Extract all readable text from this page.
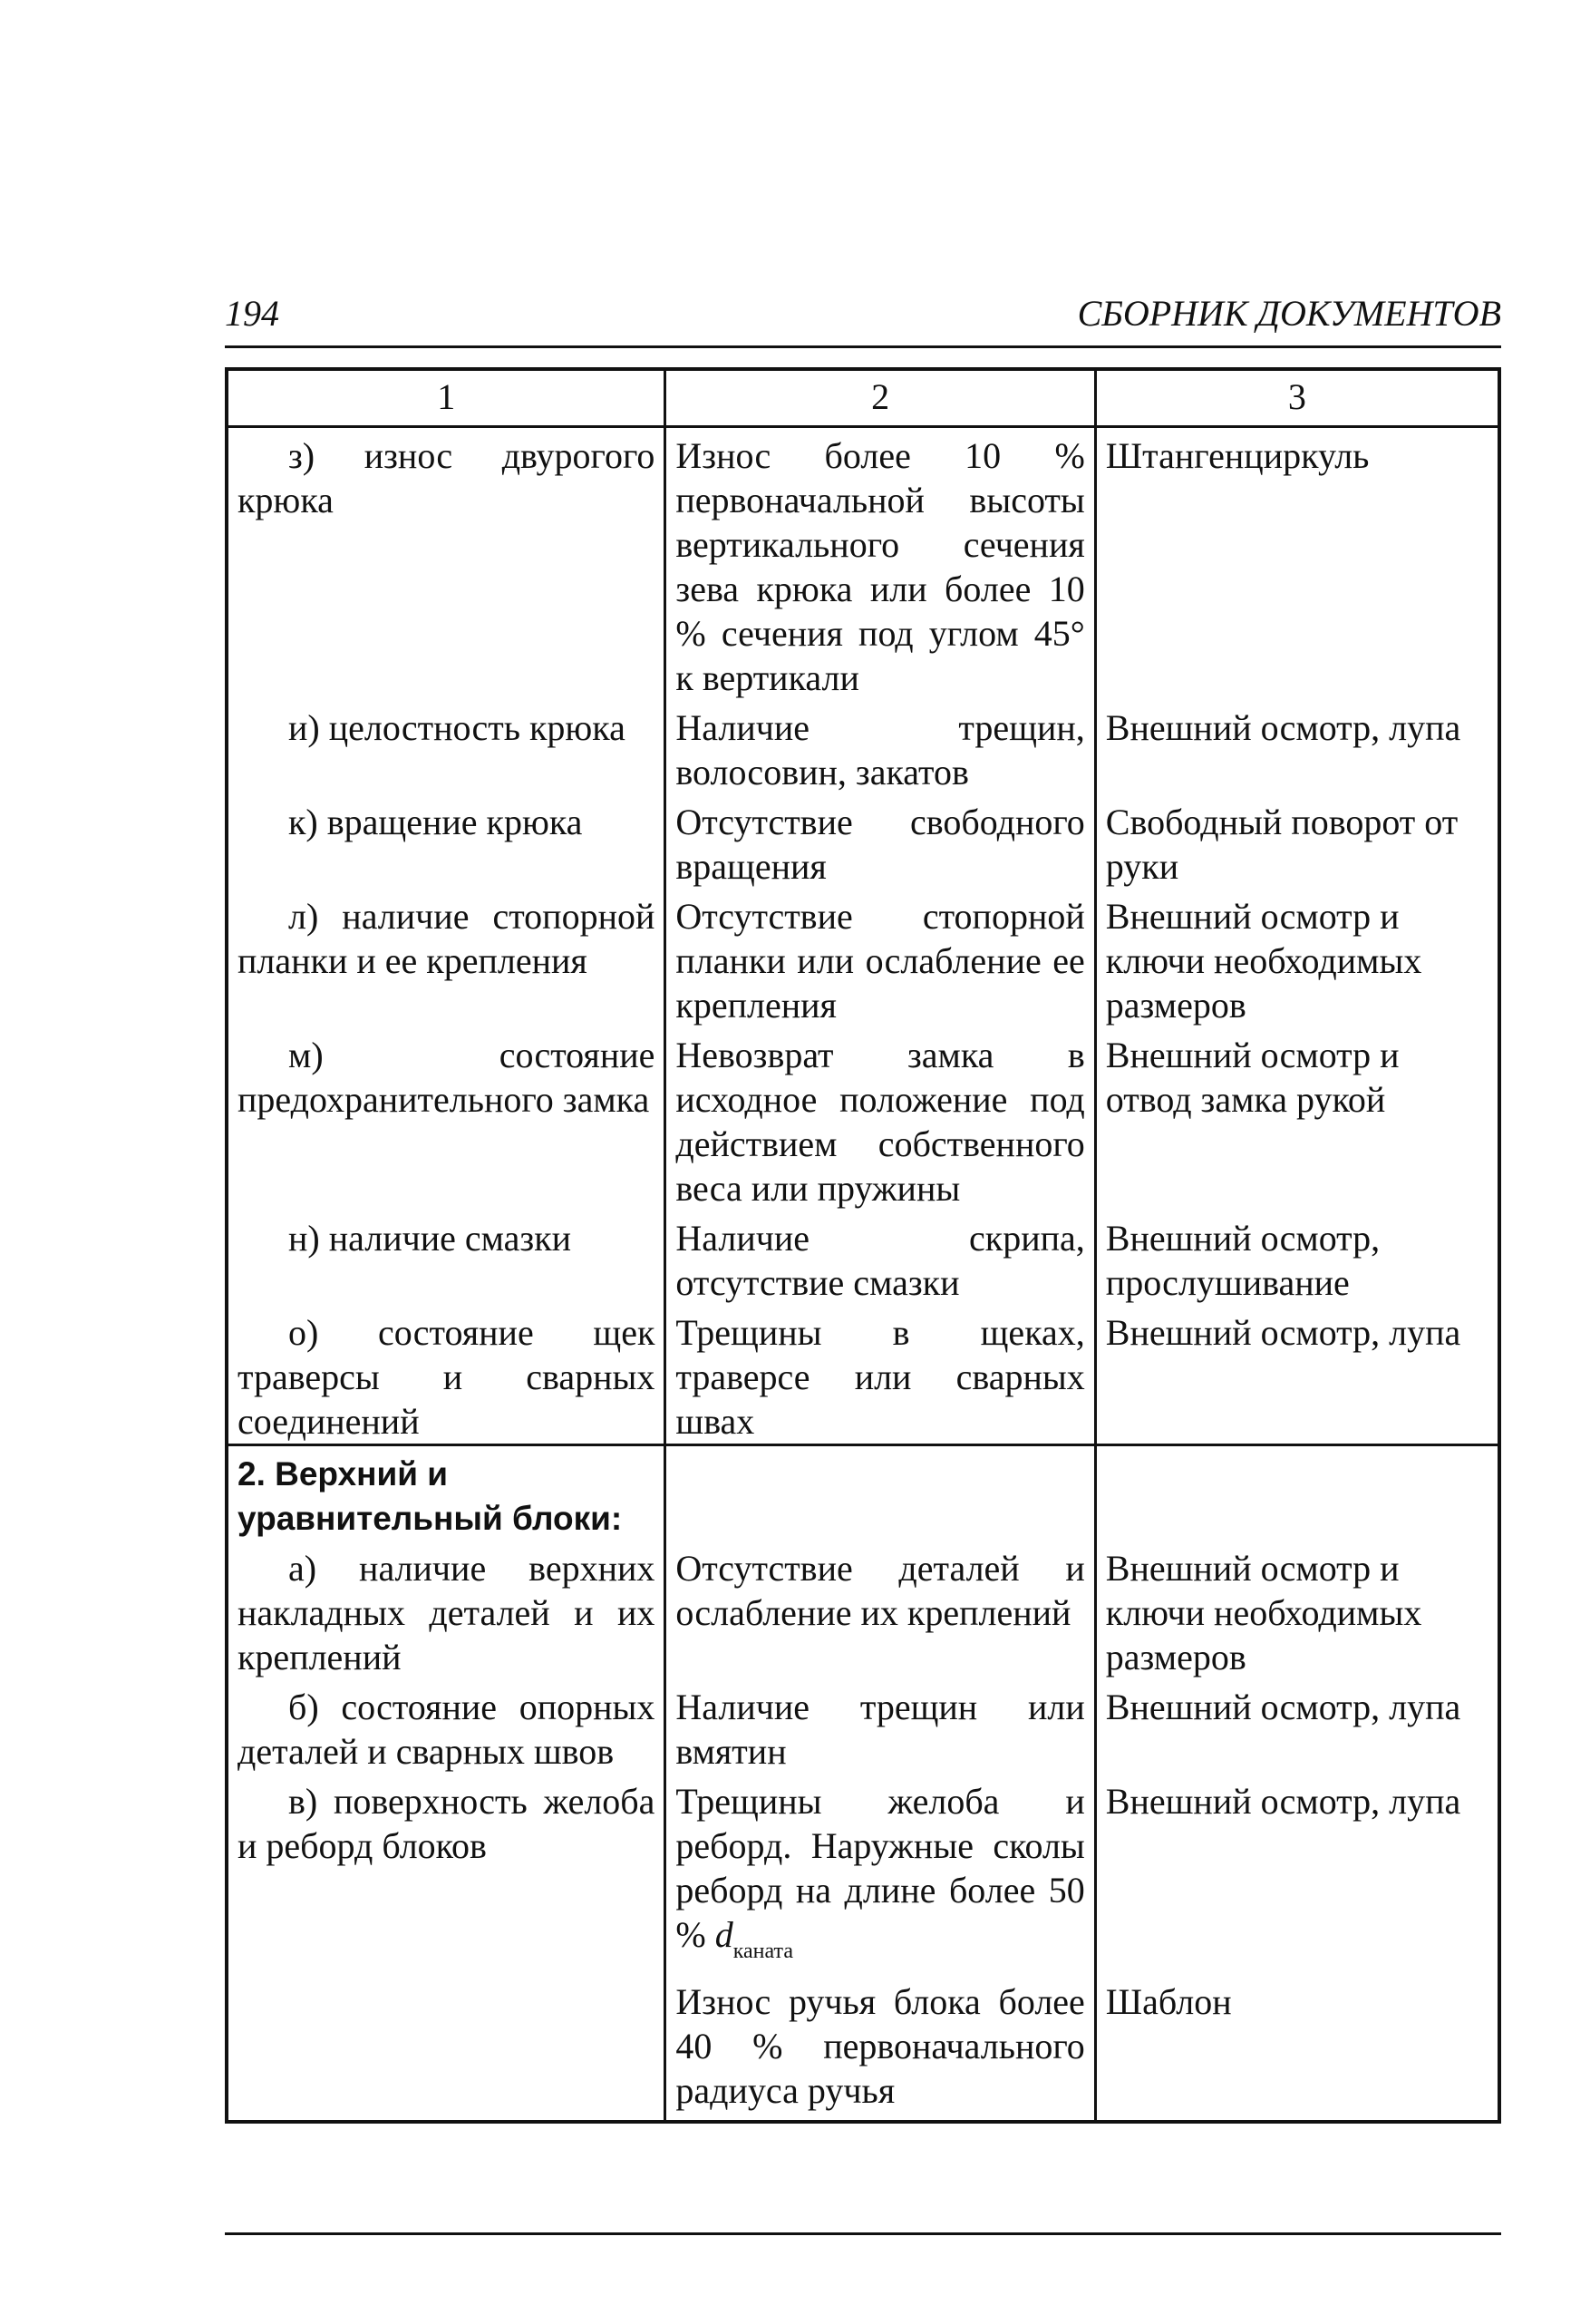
194	СБОРНИК ДОКУМЕНТОВ
1	2	3
з) износ двурогого крюка	Износ более 10 % первоначальной высоты вертикального сечения зева крюка или более 10 % сечения под углом 45° к вертикали	Штангенциркуль
и) целостность крюка	Наличие трещин, волосовин, закатов	Внешний осмотр, лупа
к) вращение крюка	Отсутствие свободного вращения	Свободный поворот от руки
л) наличие стопорной планки и ее крепления	Отсутствие стопорной планки или ослабление ее крепления	Внешний осмотр и ключи необходимых размеров
м) состояние предохранительного замка	Невозврат замка в исходное положение под действием собственного веса или пружины	Внешний осмотр и отвод замка рукой
н) наличие смазки	Наличие скрипа, отсутствие смазки	Внешний осмотр, прослушивание
о) состояние щек траверсы и сварных соединений	Трещины в щеках, траверсе или сварных швах	Внешний осмотр, лупа
2. Верхний и уравнительный блоки:		
а) наличие верхних накладных деталей и их креплений	Отсутствие деталей и ослабление их креплений	Внешний осмотр и ключи необходимых размеров
б) состояние опорных деталей и сварных швов	Наличие трещин или вмятин	Внешний осмотр, лупа
в) поверхность желоба и реборд блоков	Трещины желоба и реборд. Наружные сколы реборд на длине более 50 % $d_{каната}$	Внешний осмотр, лупа
	Износ ручья блока более 40 % первоначального радиуса ручья	Шаблон
